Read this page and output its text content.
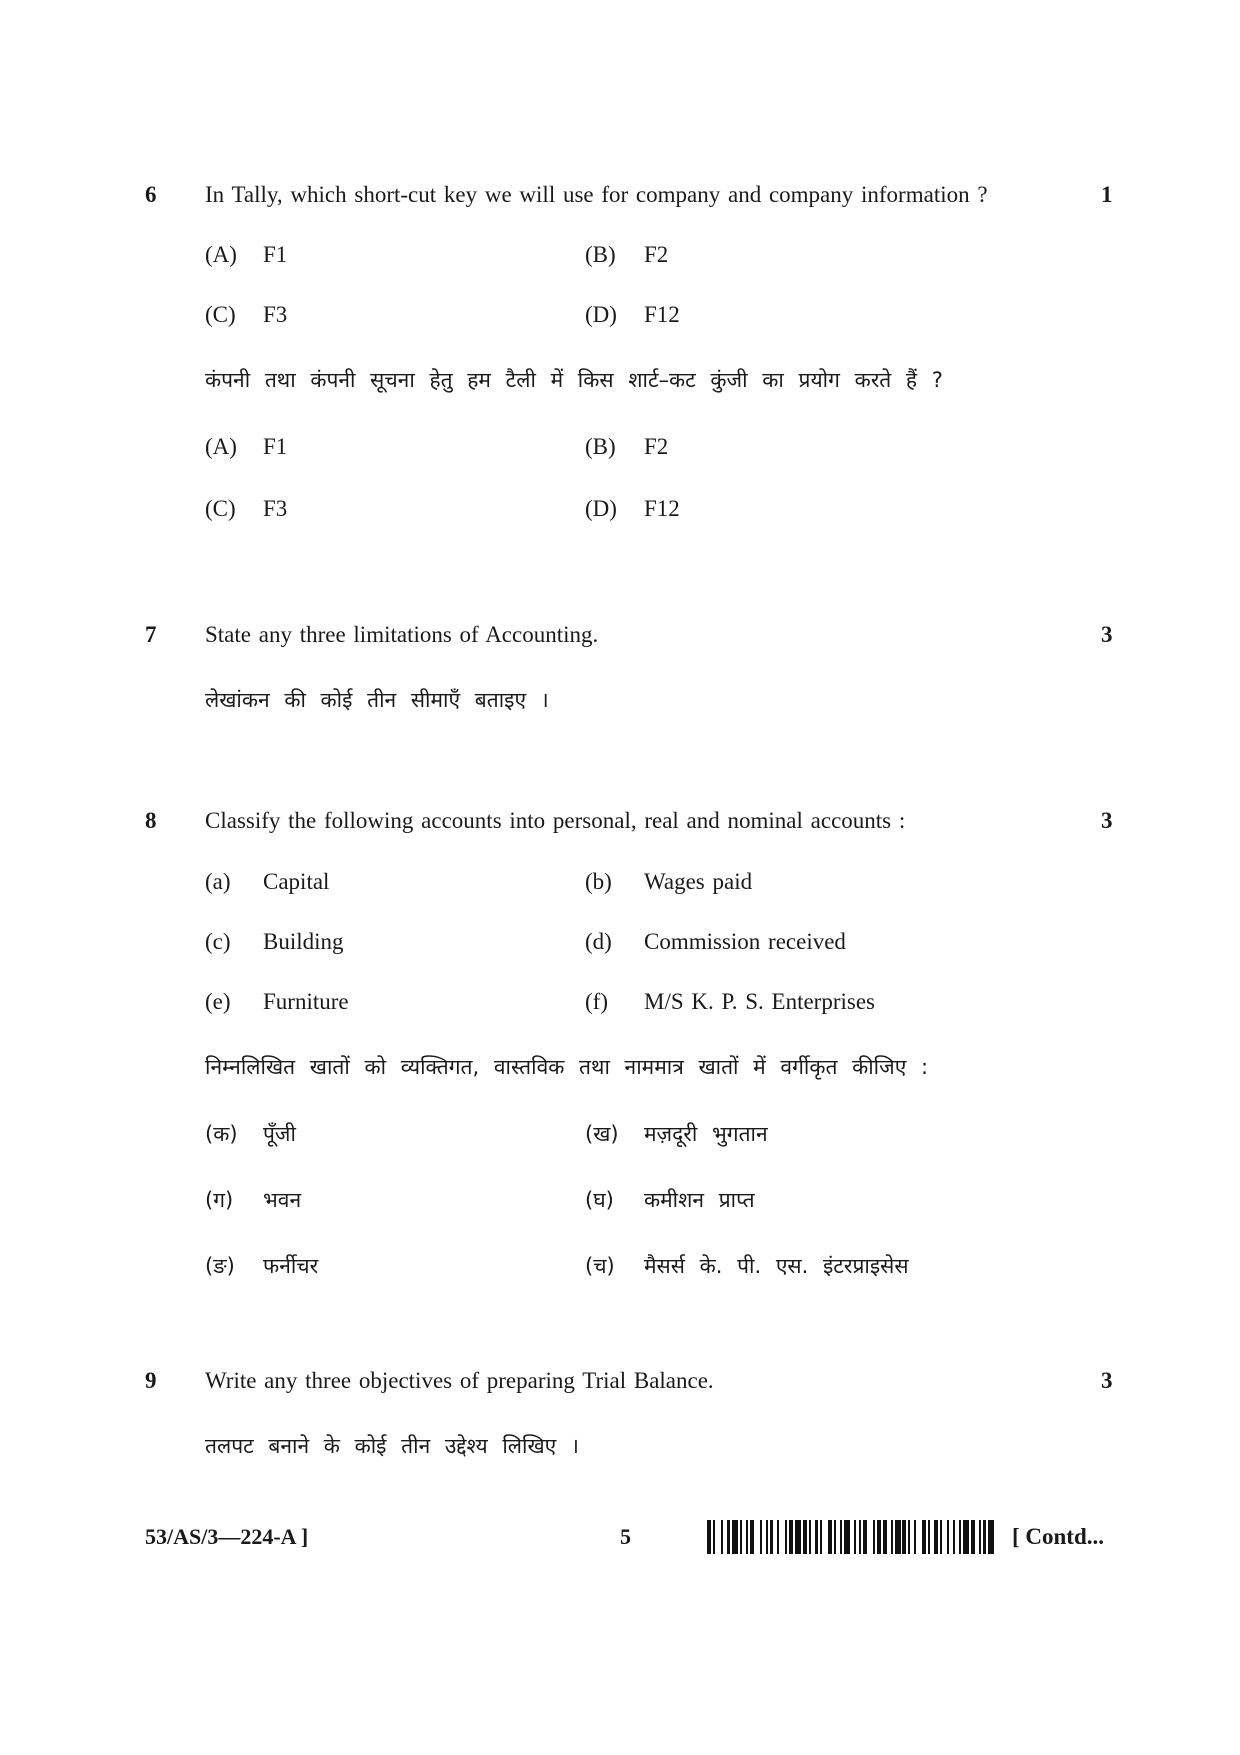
6 In Tally, which short-cut key we will use for company and company information ?	1
(A) F1	(B) F2
(C) F3	(D) F12
कंपनी तथा कंपनी सूचना हेतु हम टैली में किस शार्ट–कट कुंजी का प्रयोग करते हैं ?
(A) F1	(B) F2
(C) F3	(D) F12
7 State any three limitations of Accounting.	3
लेखांकन की कोई तीन सीमाएँ बताइए ।
8 Classify the following accounts into personal, real and nominal accounts :	3
(a) Capital	(b) Wages paid
(c) Building	(d) Commission received
(e) Furniture	(f) M/S K. P. S. Enterprises
निम्नलिखित खातों को व्यक्तिगत, वास्तविक तथा नाममात्र खातों में वर्गीकृत कीजिए :
(क) पूँजी	(ख) मज़दूरी भुगतान
(ग) भवन	(घ) कमीशन प्राप्त
(ङ) फर्नीचर	(च) मैसर्स के. पी. एस. इंटरप्राइसेस
9 Write any three objectives of preparing Trial Balance.	3
तलपट बनाने के कोई तीन उद्देश्य लिखिए ।
53/AS/3—224-A ]	5	[ Contd...
